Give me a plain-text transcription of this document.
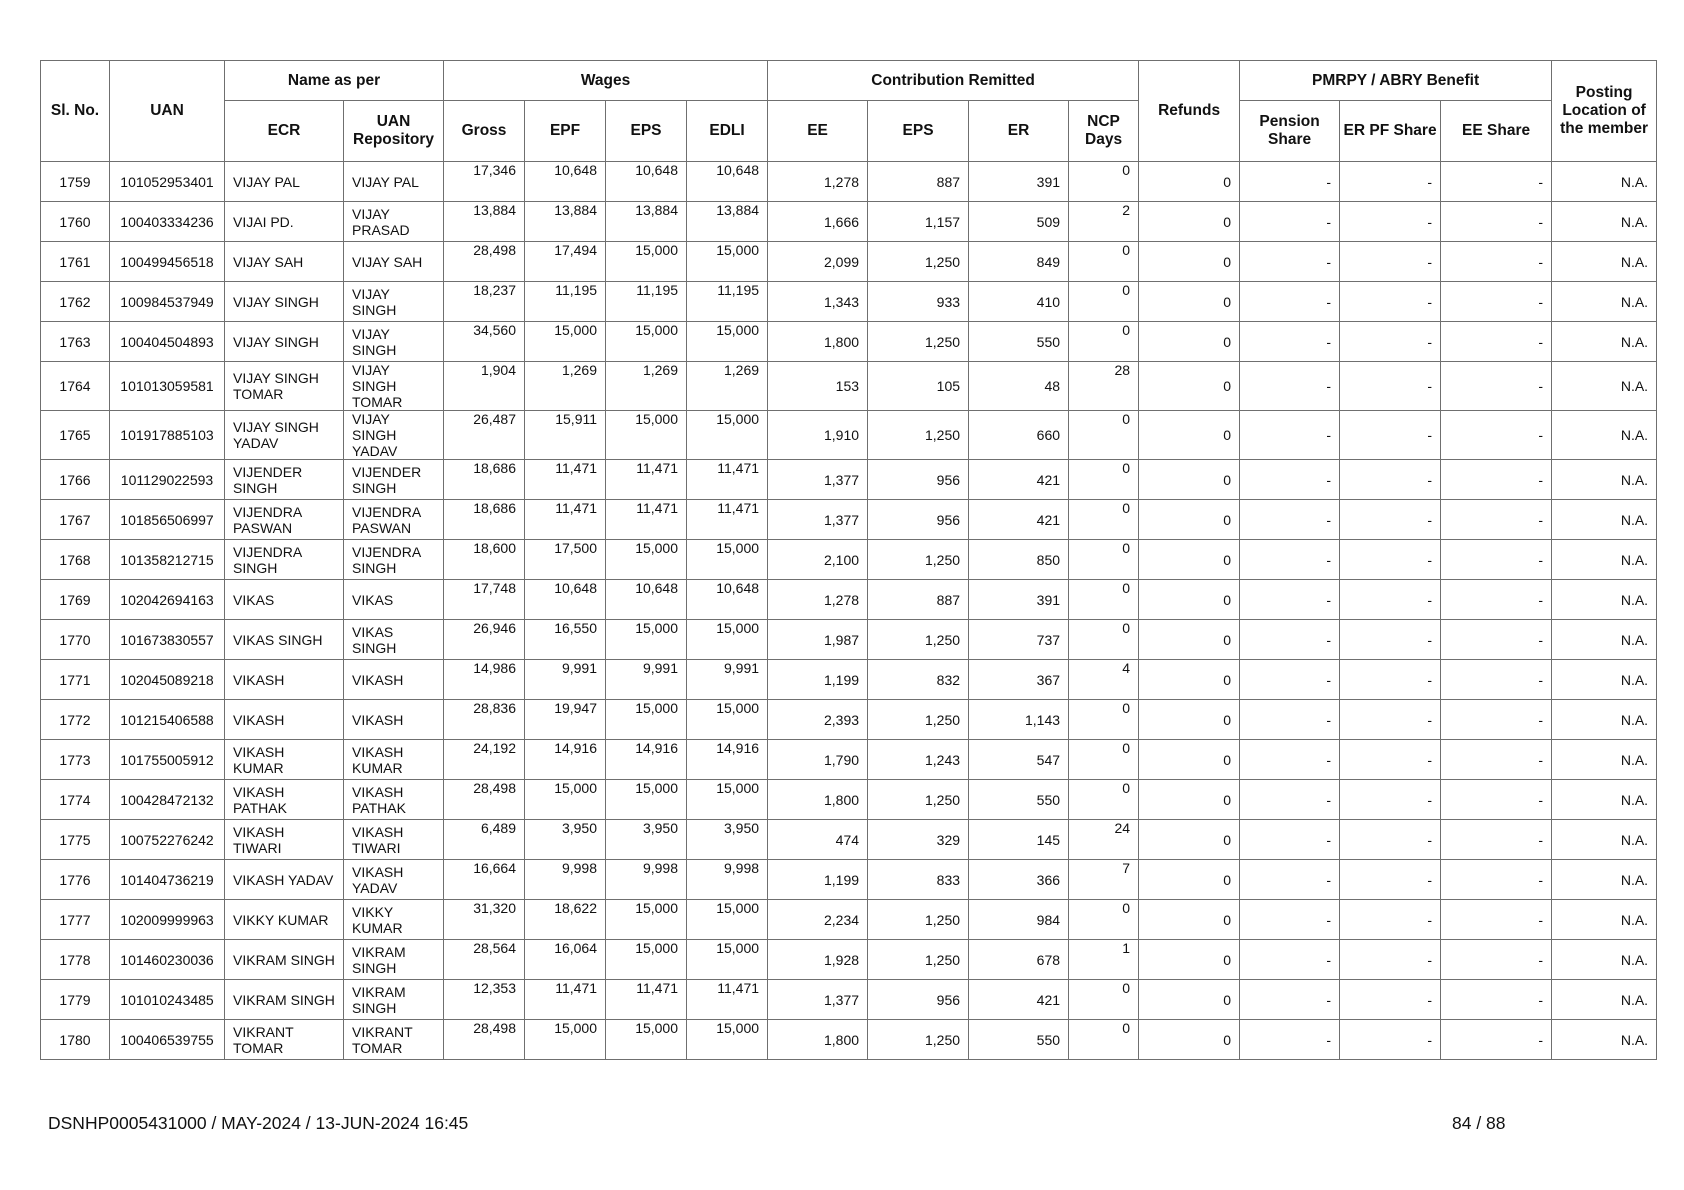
Sl. No.	UAN	Name as per		Wages				Contribution Remitted				Refunds	PMRPY / ABRY Benefit			Posting Location of the member
		ECR	UAN Repository	Gross	EPF	EPS	EDLI	EE	EPS	ER	NCP Days		Pension Share	ER PF Share	EE Share	
1759	101052953401	VIJAY PAL	VIJAY PAL	17,346	10,648	10,648	10,648	1,278	887	391	0	0	-	-	-	N.A.
1760	100403334236	VIJAI PD.	VIJAY PRASAD	13,884	13,884	13,884	13,884	1,666	1,157	509	2	0	-	-	-	N.A.
1761	100499456518	VIJAY SAH	VIJAY SAH	28,498	17,494	15,000	15,000	2,099	1,250	849	0	0	-	-	-	N.A.
1762	100984537949	VIJAY SINGH	VIJAY SINGH	18,237	11,195	11,195	11,195	1,343	933	410	0	0	-	-	-	N.A.
1763	100404504893	VIJAY SINGH	VIJAY SINGH	34,560	15,000	15,000	15,000	1,800	1,250	550	0	0	-	-	-	N.A.
1764	101013059581	VIJAY SINGH TOMAR	VIJAY SINGH TOMAR	1,904	1,269	1,269	1,269	153	105	48	28	0	-	-	-	N.A.
1765	101917885103	VIJAY SINGH YADAV	VIJAY SINGH YADAV	26,487	15,911	15,000	15,000	1,910	1,250	660	0	0	-	-	-	N.A.
1766	101129022593	VIJENDER SINGH	VIJENDER SINGH	18,686	11,471	11,471	11,471	1,377	956	421	0	0	-	-	-	N.A.
1767	101856506997	VIJENDRA PASWAN	VIJENDRA PASWAN	18,686	11,471	11,471	11,471	1,377	956	421	0	0	-	-	-	N.A.
1768	101358212715	VIJENDRA SINGH	VIJENDRA SINGH	18,600	17,500	15,000	15,000	2,100	1,250	850	0	0	-	-	-	N.A.
1769	102042694163	VIKAS	VIKAS	17,748	10,648	10,648	10,648	1,278	887	391	0	0	-	-	-	N.A.
1770	101673830557	VIKAS SINGH	VIKAS SINGH	26,946	16,550	15,000	15,000	1,987	1,250	737	0	0	-	-	-	N.A.
1771	102045089218	VIKASH	VIKASH	14,986	9,991	9,991	9,991	1,199	832	367	4	0	-	-	-	N.A.
1772	101215406588	VIKASH	VIKASH	28,836	19,947	15,000	15,000	2,393	1,250	1,143	0	0	-	-	-	N.A.
1773	101755005912	VIKASH KUMAR	VIKASH KUMAR	24,192	14,916	14,916	14,916	1,790	1,243	547	0	0	-	-	-	N.A.
1774	100428472132	VIKASH PATHAK	VIKASH PATHAK	28,498	15,000	15,000	15,000	1,800	1,250	550	0	0	-	-	-	N.A.
1775	100752276242	VIKASH TIWARI	VIKASH TIWARI	6,489	3,950	3,950	3,950	474	329	145	24	0	-	-	-	N.A.
1776	101404736219	VIKASH YADAV	VIKASH YADAV	16,664	9,998	9,998	9,998	1,199	833	366	7	0	-	-	-	N.A.
1777	102009999963	VIKKY KUMAR	VIKKY KUMAR	31,320	18,622	15,000	15,000	2,234	1,250	984	0	0	-	-	-	N.A.
1778	101460230036	VIKRAM SINGH	VIKRAM SINGH	28,564	16,064	15,000	15,000	1,928	1,250	678	1	0	-	-	-	N.A.
1779	101010243485	VIKRAM SINGH	VIKRAM SINGH	12,353	11,471	11,471	11,471	1,377	956	421	0	0	-	-	-	N.A.
1780	100406539755	VIKRANT TOMAR	VIKRANT TOMAR	28,498	15,000	15,000	15,000	1,800	1,250	550	0	0	-	-	-	N.A.
DSNHP0005431000 / MAY-2024 / 13-JUN-2024 16:45	84 / 88
